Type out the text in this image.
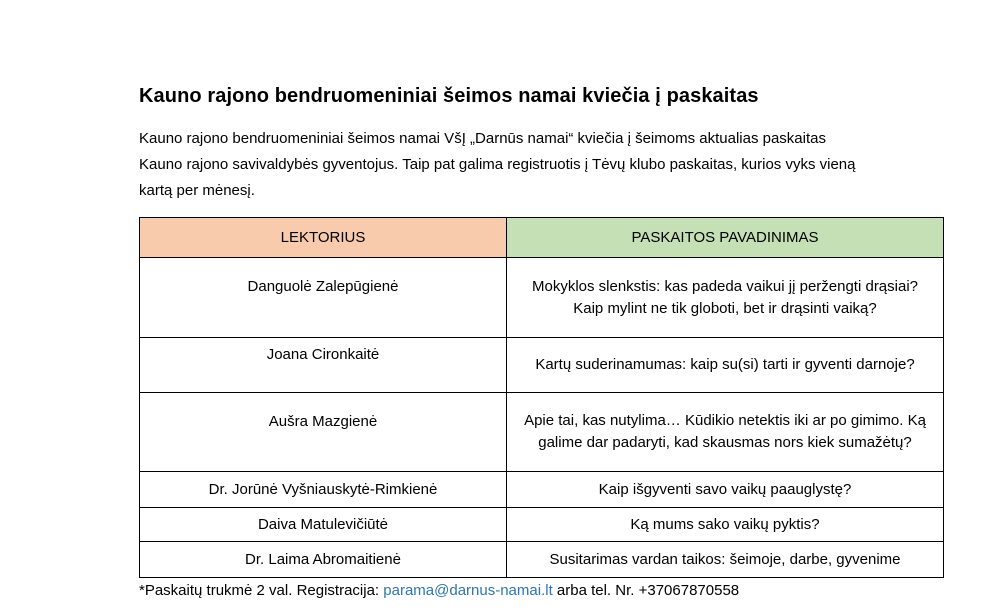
Kauno rajono bendruomeniniai šeimos namai kviečia į paskaitas
Kauno rajono bendruomeniniai šeimos namai VšĮ „Darnūs namai“ kviečia į šeimoms aktualias paskaitas
Kauno rajono savivaldybės gyventojus. Taip pat galima registruotis į Tėvų klubo paskaitas, kurios vyks vieną
kartą per mėnesį.
LEKTORIUS	PASKAITOS PAVADINIMAS

Danguolė Zalepūgienė	Mokyklos slenkstis: kas padeda vaikui jį peržengti drąsiai?
Kaip mylint ne tik globoti, bet ir drąsinti vaiką?

Joana Cironkaitė	Kartų suderinamumas: kaip su(si) tarti ir gyventi darnoje?

Aušra Mazgienė	Apie tai, kas nutylima… Kūdikio netektis iki ar po gimimo. Ką galime dar padaryti, kad skausmas nors kiek sumažėtų?

Dr. Jorūnė Vyšniauskytė-Rimkienė	Kaip išgyventi savo vaikų paauglystę?

Daiva Matulevičiūtė	Ką mums sako vaikų pyktis?

Dr. Laima Abromaitienė	Susitarimas vardan taikos: šeimoje, darbe, gyvenime
*Paskaitų trukmė 2 val. Registracija: parama@darnus-namai.lt arba tel. Nr. +37067870558
